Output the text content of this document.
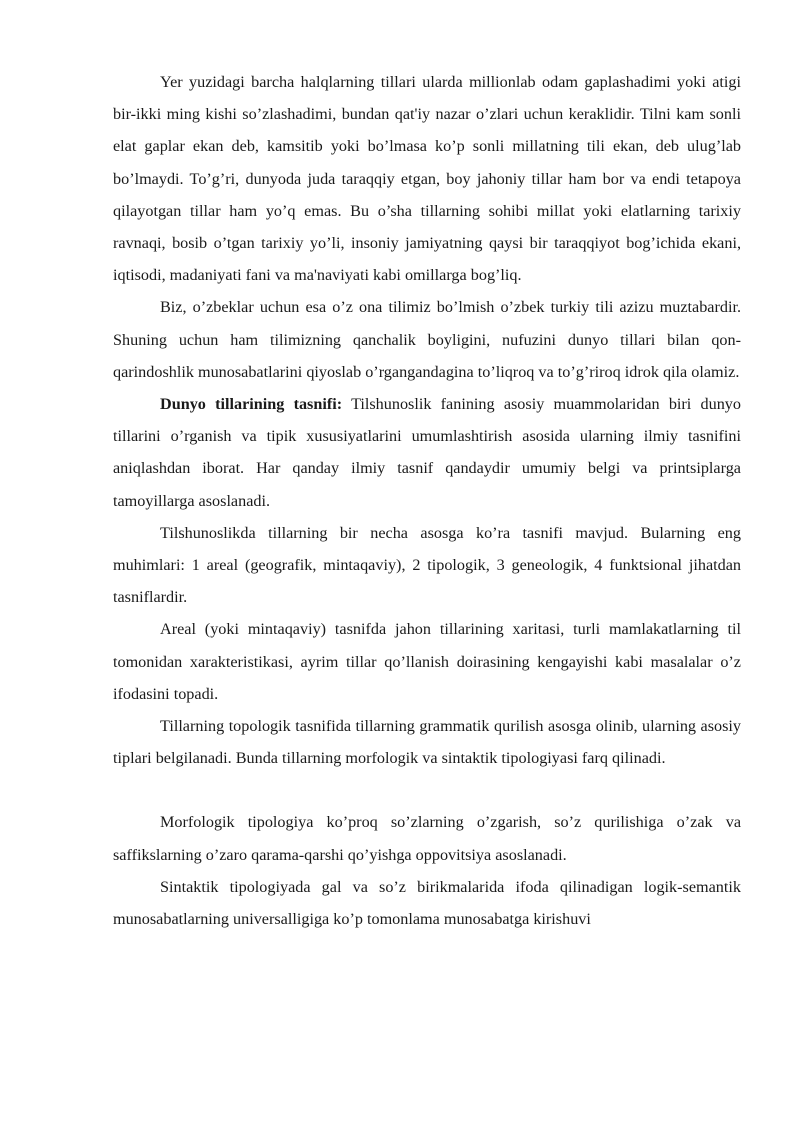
Yer yuzidagi barcha halqlarning tillari ularda millionlab odam gaplashadimi yoki atigi bir-ikki ming kishi so’zlashadimi, bundan qat'iy nazar o’zlari uchun keraklidir. Tilni kam sonli elat gaplar ekan deb, kamsitib yoki bo’lmasa ko’p sonli millatning tili ekan, deb ulug’lab bo’lmaydi. To’g’ri, dunyoda juda taraqqiy etgan, boy jahoniy tillar ham bor va endi tetapoya qilayotgan tillar ham yo’q emas. Bu o’sha tillarning sohibi millat yoki elatlarning tarixiy ravnaqi, bosib o’tgan tarixiy yo’li, insoniy jamiyatning qaysi bir taraqqiyot bog’ichida ekani, iqtisodi, madaniyati fani va ma'naviyati kabi omillarga bog’liq.

Biz, o’zbeklar uchun esa o’z ona tilimiz bo’lmish o’zbek turkiy tili azizu muztabardir. Shuning uchun ham tilimizning qanchalik boyligini, nufuzini dunyo tillari bilan qon-qarindoshlik munosabatlarini qiyoslab o’rgangandagina to’liqroq va to’g’riroq idrok qila olamiz.

Dunyo tillarining tasnifi: Tilshunoslik fanining asosiy muammolaridan biri dunyo tillarini o’rganish va tipik xususiyatlarini umumlashtirish asosida ularning ilmiy tasnifini aniqlashdan iborat. Har qanday ilmiy tasnif qandaydir umumiy belgi va printsiplarga tamoyillarga asoslanadi.

Tilshunoslikda tillarning bir necha asosga ko’ra tasnifi mavjud. Bularning eng muhimlari: 1 areal (geografik, mintaqaviy), 2 tipologik, 3 geneologik, 4 funktsional jihatdan tasniflardir.

Areal (yoki mintaqaviy) tasnifda jahon tillarining xaritasi, turli mamlakatlarning til tomonidan xarakteristikasi, ayrim tillar qo’llanish doirasining kengayishi kabi masalalar o’z ifodasini topadi.

Tillarning topologik tasnifida tillarning grammatik qurilish asosga olinib, ularning asosiy tiplari belgilanadi. Bunda tillarning morfologik va sintaktik tipologiyasi farq qilinadi.

Morfologik tipologiya ko’proq so’zlarning o’zgarish, so’z qurilishiga o’zak va saffikslarning o’zaro qarama-qarshi qo’yishga oppovitsiya asoslanadi.

Sintaktik tipologiyada gal va so’z birikmalarida ifoda qilinadigan logik-semantik munosabatlarning universalligiga ko’p tomonlama munosabatga kirishuvi
